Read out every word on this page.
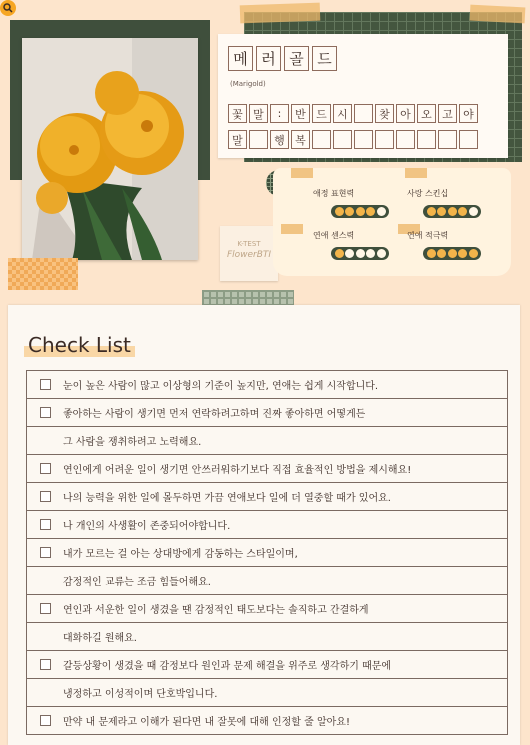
K-TEST
FlowerBTI
메 러 골 드
(Marigold)
꽃 말	:	반 드 시	찾 아 오 고 야
말	행 복
애정 표현력	사랑 스킨십
연애 센스력	연애 적극력
Check List
눈이 높은 사람이 많고 이상형의 기준이 높지만, 연애는 쉽게 시작합니다.
좋아하는 사람이 생기면 먼저 연락하려고하며 진짜 좋아하면 어떻게든
그 사람을 쟁취하려고 노력해요.
연인에게 어려운 일이 생기면 안쓰러워하기보다 직접 효율적인 방법을 제시해요!
나의 능력을 위한 일에 몰두하면 가끔 연애보다 일에 더 열중할 때가 있어요.
나 개인의 사생활이 존중되어야합니다.
내가 모르는 걸 아는 상대방에게 감동하는 스타일이며,
감정적인 교류는 조금 힘들어해요.
연인과 서운한 일이 생겼을 땐 감정적인 태도보다는 솔직하고 간결하게
대화하길 원해요.
갈등상황이 생겼을 때 감정보다 원인과 문제 해결을 위주로 생각하기 때문에
냉정하고 이성적이며 단호박입니다.
만약 내 문제라고 이해가 된다면 내 잘못에 대해 인정할 줄 알아요!
